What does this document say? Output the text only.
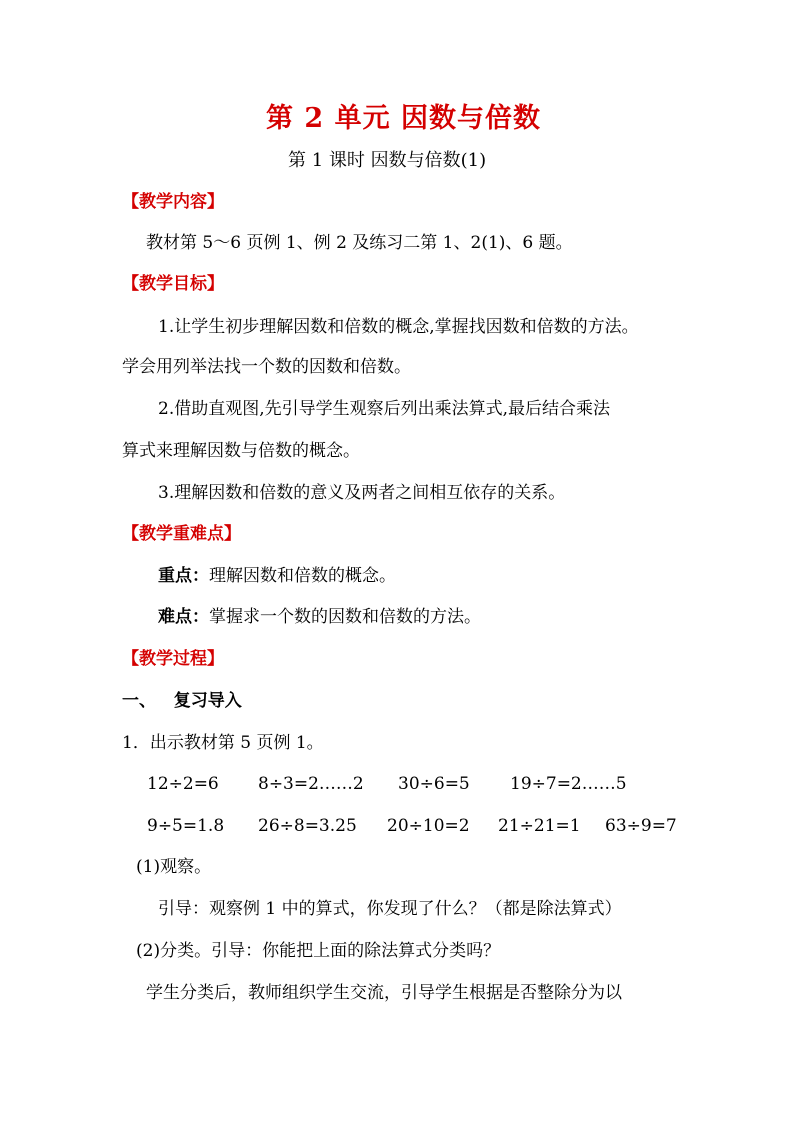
第 2 单元 因数与倍数
第 1 课时 因数与倍数(1)
【教学内容】
教材第 5～6 页例 1、例 2 及练习二第 1、2(1)、6 题。
【教学目标】
1.让学生初步理解因数和倍数的概念,掌握找因数和倍数的方法。
学会用列举法找一个数的因数和倍数。
2.借助直观图,先引导学生观察后列出乘法算式,最后结合乘法
算式来理解因数与倍数的概念。
3.理解因数和倍数的意义及两者之间相互依存的关系。
【教学重难点】
重点：理解因数和倍数的概念。
难点：掌握求一个数的因数和倍数的方法。
【教学过程】
一、   复习导入
1．出示教材第 5 页例 1。
12÷2=6 8÷3=2……2 30÷6=5 19÷7=2……5
9÷5=1.8 26÷8=3.25 20÷10=2 21÷21=1 63÷9=7
(1)观察。
引导：观察例 1 中的算式，你发现了什么？（都是除法算式）
(2)分类。引导：你能把上面的除法算式分类吗？
学生分类后，教师组织学生交流，引导学生根据是否整除分为以
